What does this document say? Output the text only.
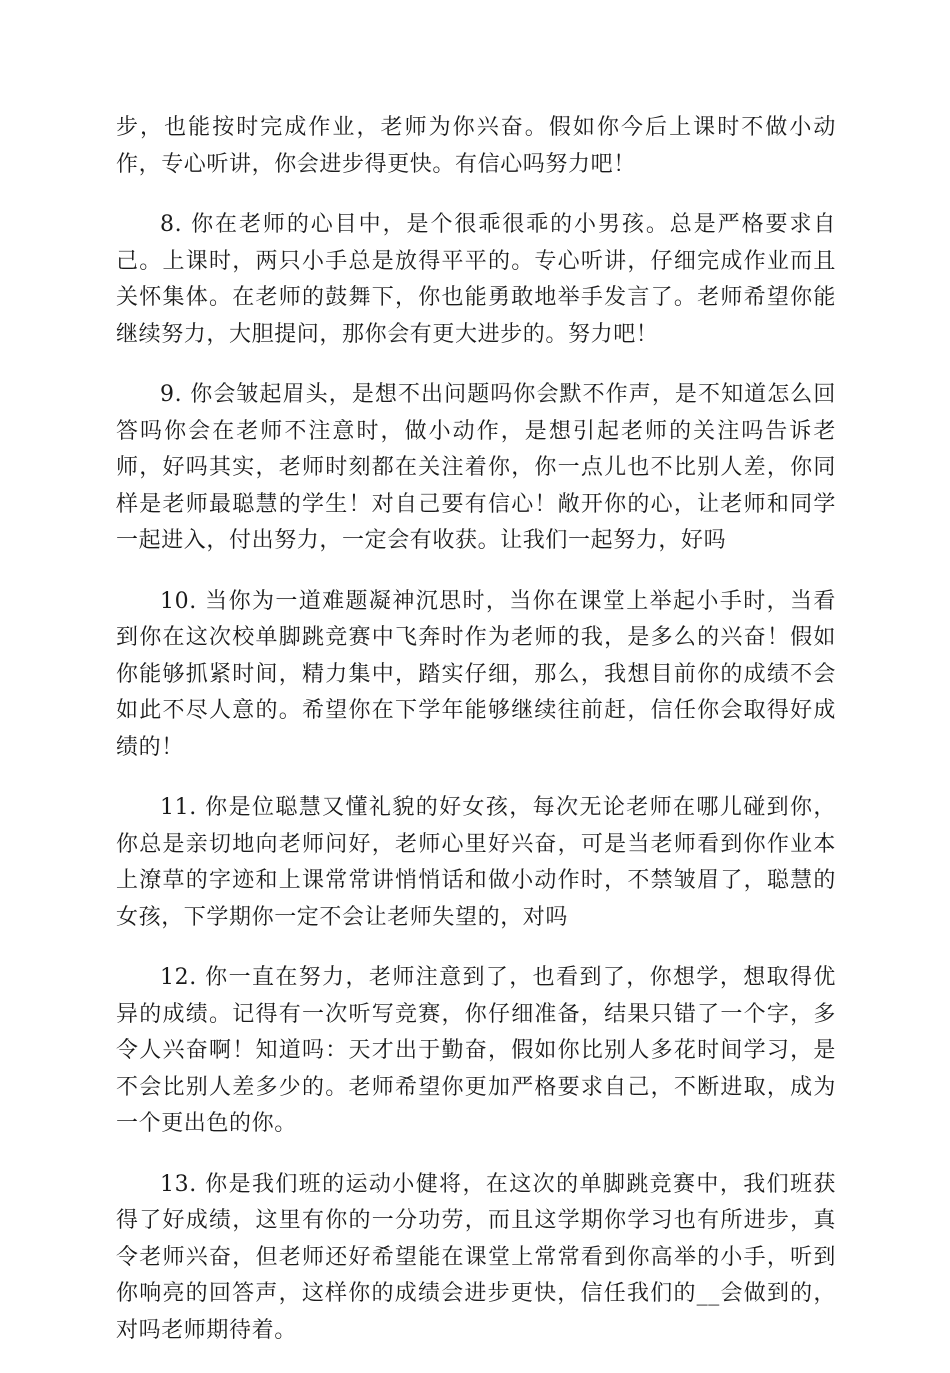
步，也能按时完成作业，老师为你兴奋。假如你今后上课时不做小动作，专心听讲，你会进步得更快。有信心吗努力吧！

8. 你在老师的心目中，是个很乖很乖的小男孩。总是严格要求自己。上课时，两只小手总是放得平平的。专心听讲，仔细完成作业而且关怀集体。在老师的鼓舞下，你也能勇敢地举手发言了。老师希望你能继续努力，大胆提问，那你会有更大进步的。努力吧！

9. 你会皱起眉头，是想不出问题吗你会默不作声，是不知道怎么回答吗你会在老师不注意时，做小动作，是想引起老师的关注吗告诉老师，好吗其实，老师时刻都在关注着你，你一点儿也不比别人差，你同样是老师最聪慧的学生！对自己要有信心！敞开你的心，让老师和同学一起进入，付出努力，一定会有收获。让我们一起努力，好吗

10. 当你为一道难题凝神沉思时，当你在课堂上举起小手时，当看到你在这次校单脚跳竞赛中飞奔时作为老师的我，是多么的兴奋！假如你能够抓紧时间，精力集中，踏实仔细，那么，我想目前你的成绩不会如此不尽人意的。希望你在下学年能够继续往前赶，信任你会取得好成绩的！

11. 你是位聪慧又懂礼貌的好女孩，每次无论老师在哪儿碰到你，你总是亲切地向老师问好，老师心里好兴奋，可是当老师看到你作业本上潦草的字迹和上课常常讲悄悄话和做小动作时，不禁皱眉了，聪慧的女孩，下学期你一定不会让老师失望的，对吗

12. 你一直在努力，老师注意到了，也看到了，你想学，想取得优异的成绩。记得有一次听写竞赛，你仔细准备，结果只错了一个字，多令人兴奋啊！知道吗：天才出于勤奋，假如你比别人多花时间学习，是不会比别人差多少的。老师希望你更加严格要求自己，不断进取，成为一个更出色的你。

13. 你是我们班的运动小健将，在这次的单脚跳竞赛中，我们班获得了好成绩，这里有你的一分功劳，而且这学期你学习也有所进步，真令老师兴奋，但老师还好希望能在课堂上常常看到你高举的小手，听到你响亮的回答声，这样你的成绩会进步更快，信任我们的__会做到的，对吗老师期待着。
